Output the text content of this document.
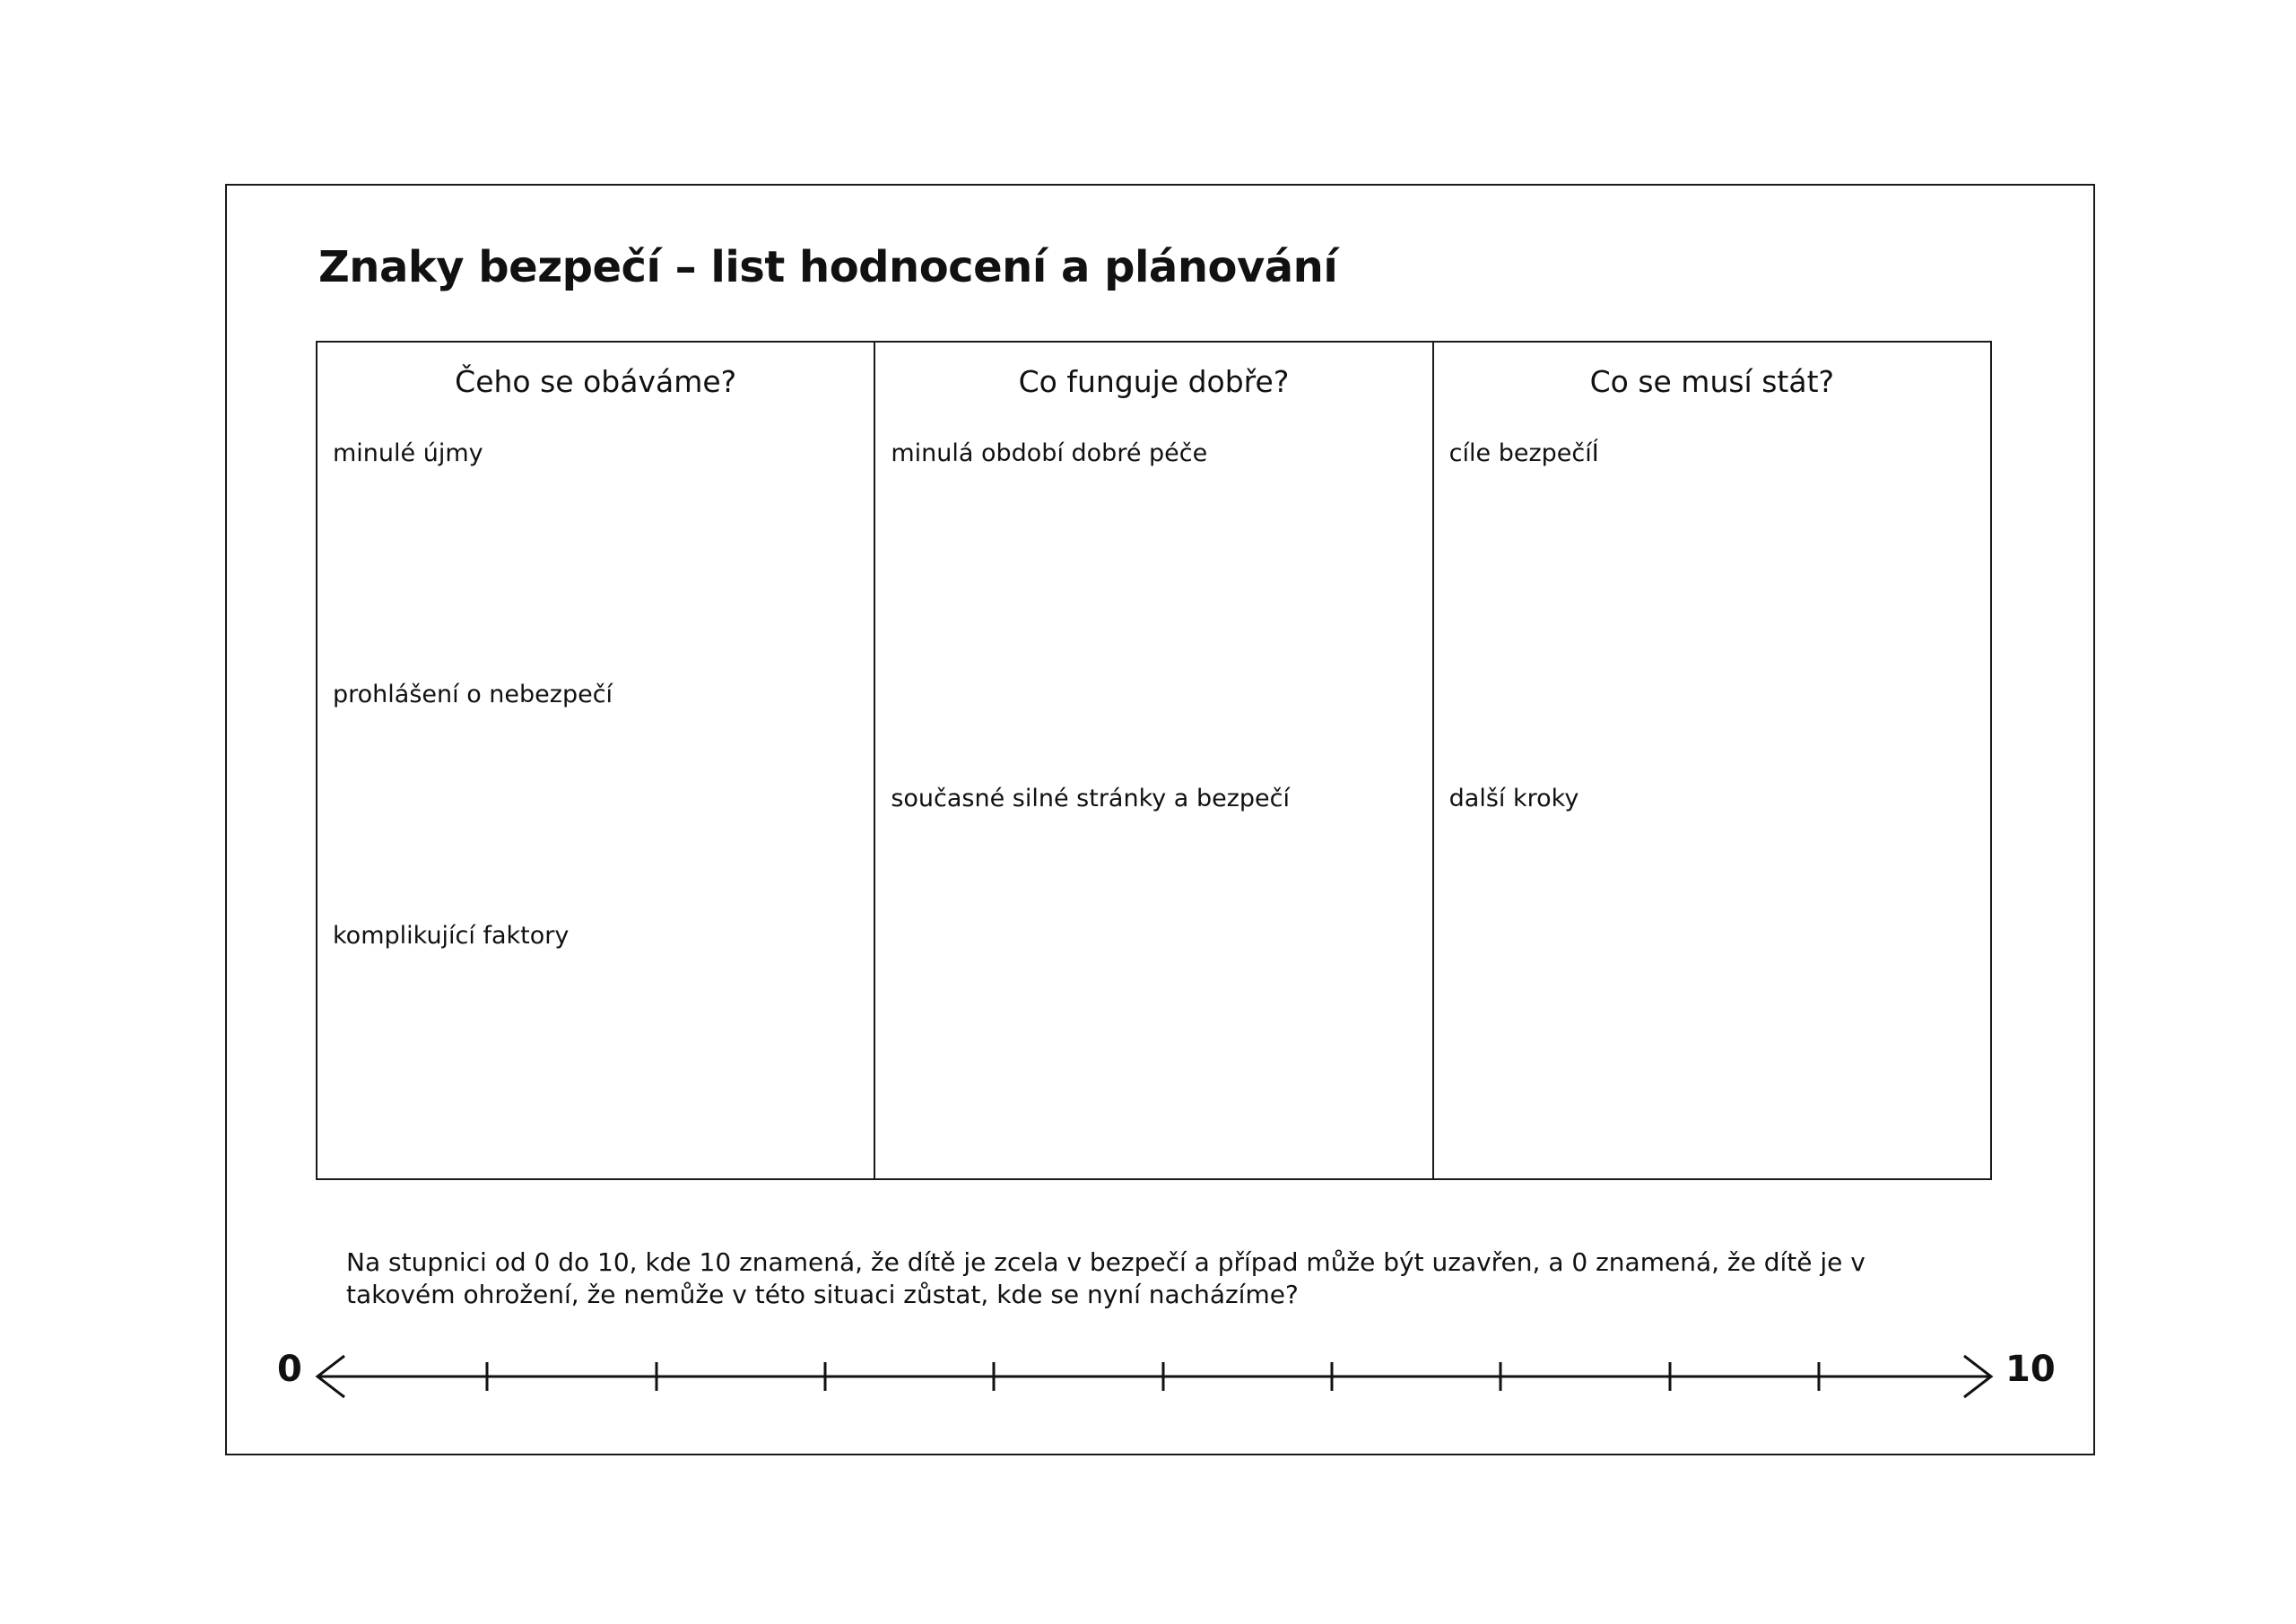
Znaky bezpečí – list hodnocení a plánování
Čeho se obáváme?
minulé újmy
prohlášení o nebezpečí
komplikující faktory
Co funguje dobře?
minulá období dobré péče
současné silné stránky a bezpečí
Co se musí stát?
cíle bezpečíÍ
další kroky
Na stupnici od 0 do 10, kde 10 znamená, že dítě je zcela v bezpečí a případ může být uzavřen, a 0 znamená, že dítě je v takovém ohrožení, že nemůže v této situaci zůstat, kde se nyní nacházíme?
0	10
